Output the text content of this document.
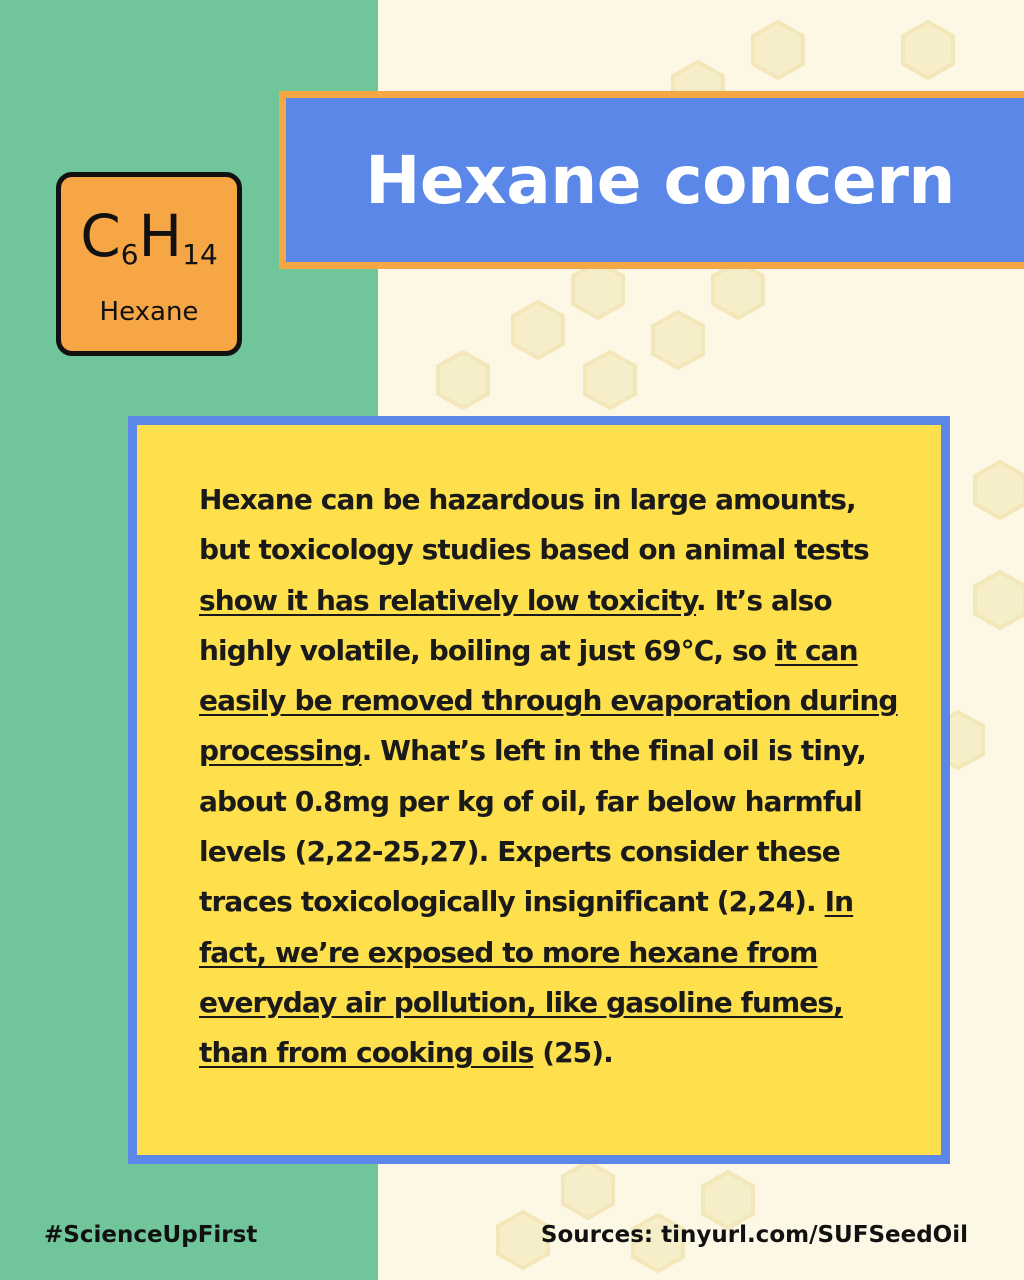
Hexane concern
$C_6H_{14}$
Hexane

Hexane can be hazardous in large amounts, but toxicology studies based on animal tests show it has relatively low toxicity. It’s also highly volatile, boiling at just 69°C, so it can easily be removed through evaporation during processing. What’s left in the final oil is tiny, about 0.8mg per kg of oil, far below harmful levels (2,22-25,27). Experts consider these traces toxicologically insignificant (2,24). In fact, we’re exposed to more hexane from everyday air pollution, like gasoline fumes, than from cooking oils (25).

#ScienceUpFirst	Sources: tinyurl.com/SUFSeedOil
